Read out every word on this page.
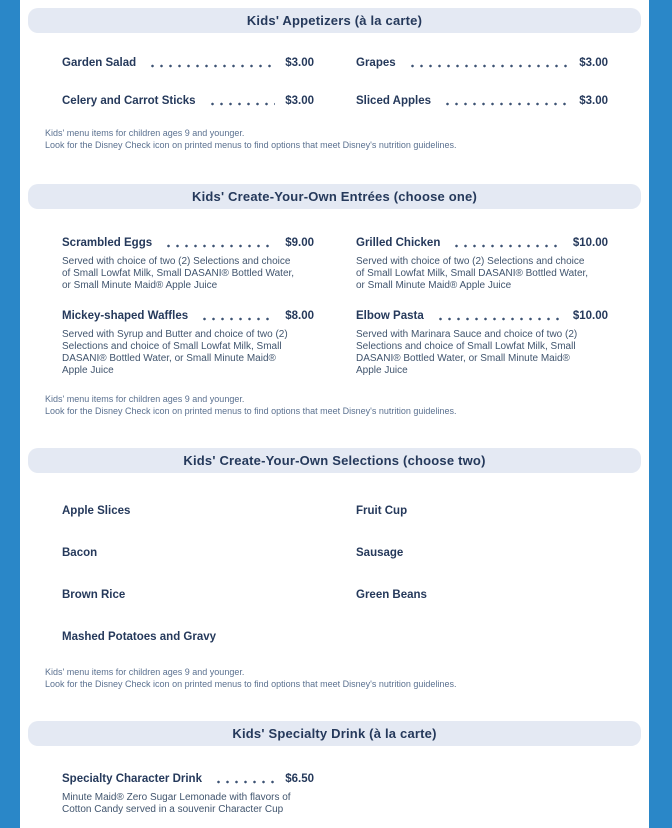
Kids' Appetizers (à la carte)
Garden Salad	$3.00	Grapes	$3.00
Celery and Carrot Sticks	$3.00	Sliced Apples	$3.00
Kids' menu items for children ages 9 and younger.
Look for the Disney Check icon on printed menus to find options that meet Disney's nutrition guidelines.
Kids' Create-Your-Own Entrées (choose one)
Scrambled Eggs	$9.00
Served with choice of two (2) Selections and choice of Small Lowfat Milk, Small DASANI® Bottled Water, or Small Minute Maid® Apple Juice
Grilled Chicken	$10.00
Served with choice of two (2) Selections and choice of Small Lowfat Milk, Small DASANI® Bottled Water, or Small Minute Maid® Apple Juice
Mickey-shaped Waffles	$8.00
Served with Syrup and Butter and choice of two (2) Selections and choice of Small Lowfat Milk, Small DASANI® Bottled Water, or Small Minute Maid® Apple Juice
Elbow Pasta	$10.00
Served with Marinara Sauce and choice of two (2) Selections and choice of Small Lowfat Milk, Small DASANI® Bottled Water, or Small Minute Maid® Apple Juice
Kids' menu items for children ages 9 and younger.
Look for the Disney Check icon on printed menus to find options that meet Disney's nutrition guidelines.
Kids' Create-Your-Own Selections (choose two)
Apple Slices	Fruit Cup
Bacon	Sausage
Brown Rice	Green Beans
Mashed Potatoes and Gravy
Kids' menu items for children ages 9 and younger.
Look for the Disney Check icon on printed menus to find options that meet Disney's nutrition guidelines.
Kids' Specialty Drink (à la carte)
Specialty Character Drink	$6.50
Minute Maid® Zero Sugar Lemonade with flavors of Cotton Candy served in a souvenir Character Cup
